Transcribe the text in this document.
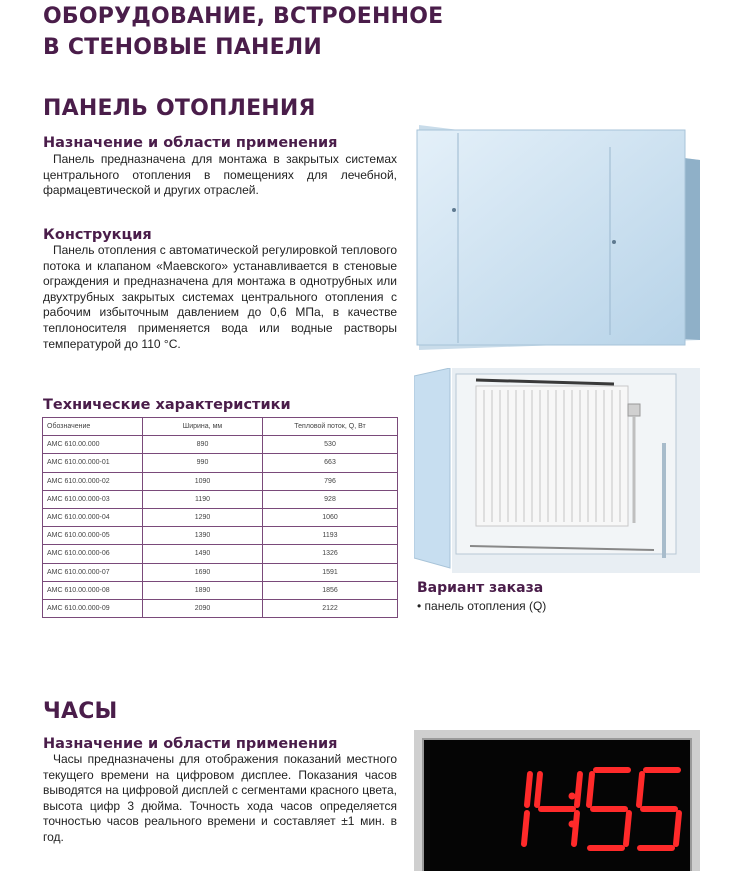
ОБОРУДОВАНИЕ, ВСТРОЕННОЕ
В СТЕНОВЫЕ ПАНЕЛИ
ПАНЕЛЬ ОТОПЛЕНИЯ
Назначение и области применения
Панель предназначена для монтажа в закрытых системах центрального отопления в помещениях для лечебной, фармацевтической и других отраслей.
Конструкция
Панель отопления с автоматической регулировкой теплового потока и клапаном «Маевского» устанавливается в стеновые ограждения и предназначена для монтажа в однотрубных или двухтрубных закрытых системах центрального отопления с рабочим избыточным давлением до 0,6 МПа, в качестве теплоносителя применяется вода или водные растворы температурой до 110 °С.
Технические характеристики
Обозначение	Ширина, мм	Тепловой поток, Q, Вт
АМС 610.00.000	890	530
АМС 610.00.000-01	990	663
АМС 610.00.000-02	1090	796
АМС 610.00.000-03	1190	928
АМС 610.00.000-04	1290	1060
АМС 610.00.000-05	1390	1193
АМС 610.00.000-06	1490	1326
АМС 610.00.000-07	1690	1591
АМС 610.00.000-08	1890	1856
АМС 610.00.000-09	2090	2122
Вариант заказа
• панель отопления (Q)
ЧАСЫ
Назначение и области применения
Часы предназначены для отображения показаний местного текущего времени на цифровом дисплее. Показания часов выводятся на цифровой дисплей с сегментами красного цвета, высота цифр 3 дюйма. Точность хода часов определяется точностью часов реального времени и составляет ±1 мин. в год.
